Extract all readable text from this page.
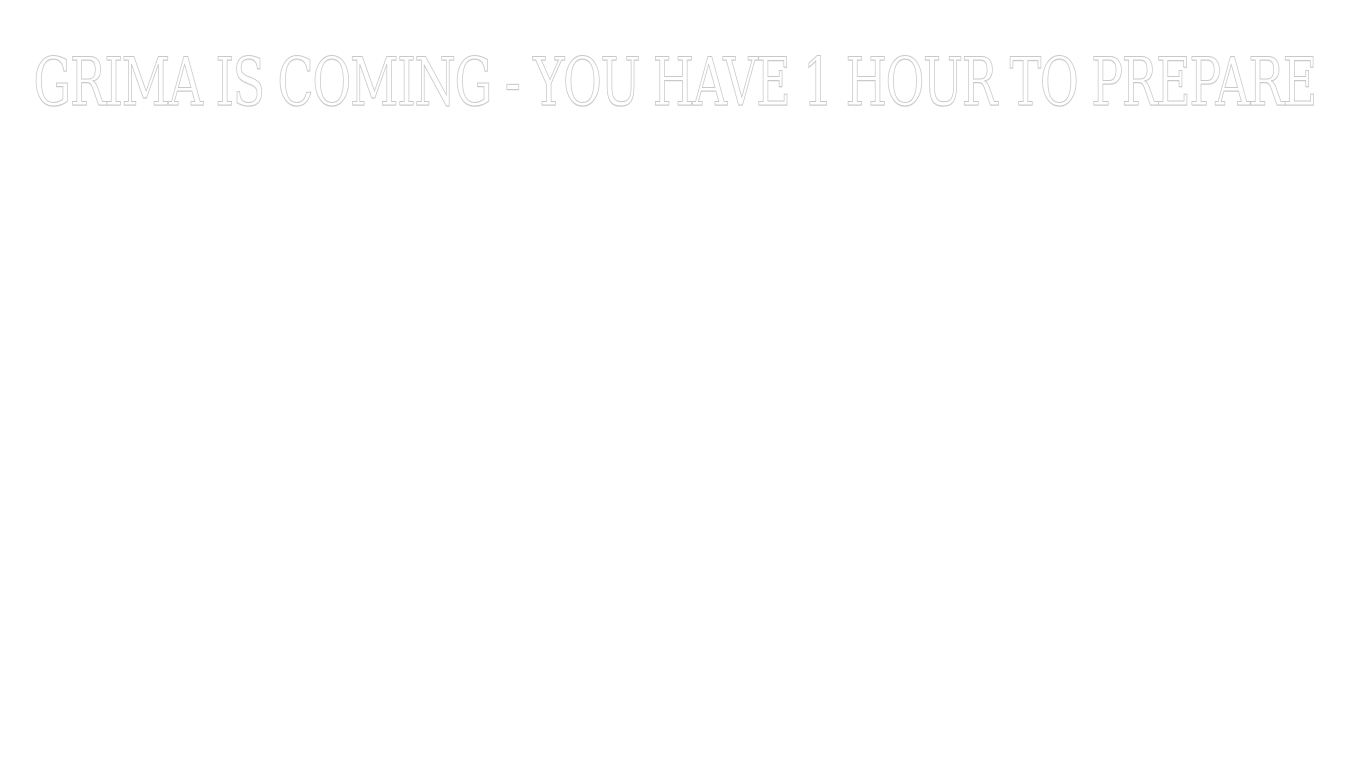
GRIMA IS COMING - YOU HAVE 1 HOUR TO PREPARE
